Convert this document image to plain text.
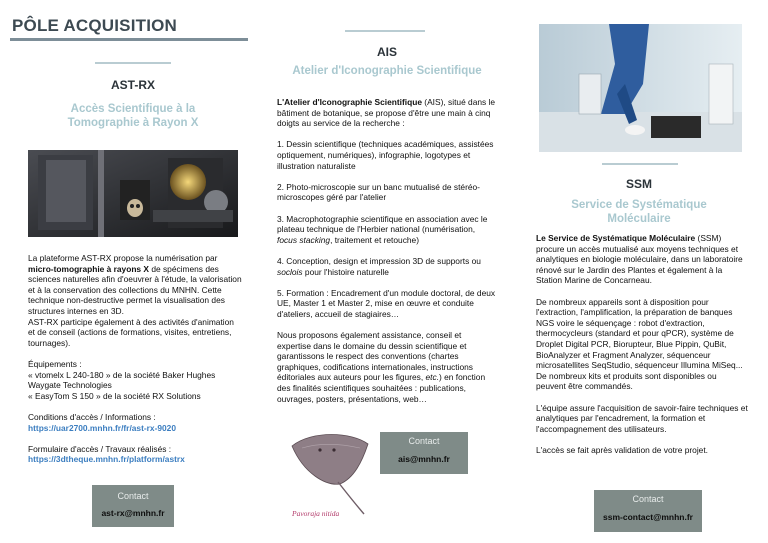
PÔLE ACQUISITION
AST-RX
Accès Scientifique à la
Tomographie à Rayon X
La plateforme AST-RX propose la numérisation par micro-tomographie à rayons X de spécimens des sciences naturelles afin d'oeuvrer à l'étude, la valorisation et à la conservation des collections du MNHN. Cette technique non-destructive permet la visualisation des structures internes en 3D.
AST-RX participe également à des activités d'animation et de conseil (actions de formations, visites, entretiens, tournages).
Équipements :
« vtomelx L 240-180 » de la société Baker Hughes Waygate Technologies
« EasyTom S 150 » de la société RX Solutions
Conditions d'accès / Informations :
https://uar2700.mnhn.fr/fr/ast-rx-9020
Formulaire d'accès / Travaux réalisés :
https://3dtheque.mnhn.fr/platform/astrx
Contact
ast-rx@mnhn.fr
AIS
Atelier d'Iconographie Scientifique
L'Atelier d'Iconographie Scientifique (AIS), situé dans le bâtiment de botanique, se propose d'être une main à cinq doigts au service de la recherche :
1. Dessin scientifique (techniques académiques, assistées optiquement, numériques), infographie, logotypes et illustration naturaliste
2. Photo-microscopie sur un banc mutualisé de stéréo-microscopes géré par l'atelier
3. Macrophotographie scientifique en association avec le plateau technique de l'Herbier national (numérisation, focus stacking, traitement et retouche)
4. Conception, design et impression 3D de supports ou soclois pour l'histoire naturelle
5. Formation : Encadrement d'un module doctoral, de deux UE, Master 1 et Master 2, mise en œuvre et conduite d'ateliers, accueil de stagiaires…
Nous proposons également assistance, conseil et expertise dans le domaine du dessin scientifique et garantissons le respect des conventions (chartes graphiques, codifications internationales, instructions éditoriales aux auteurs pour les figures, etc.) en fonction des finalités scientifiques souhaitées : publications, ouvrages, posters, présentations, web…
Pavoraja nitida
Contact
ais@mnhn.fr
SSM
Service de Systématique
Moléculaire
Le Service de Systématique Moléculaire (SSM) procure un accès mutualisé aux moyens techniques et analytiques en biologie moléculaire, dans un laboratoire rénové sur le Jardin des Plantes et également à la Station Marine de Concarneau.
De nombreux appareils sont à disposition pour l'extraction, l'amplification, la préparation de banques NGS voire le séquençage : robot d'extraction, thermocycleurs (standard et pour qPCR), système de Droplet Digital PCR, Biorupteur, Blue Pippin, QuBit, BioAnalyzer et Fragment Analyzer, séquenceur microsatellites SeqStudio, séquenceur Illumina MiSeq...
De nombreux kits et produits sont disponibles ou peuvent être commandés.
L'équipe assure l'acquisition de savoir-faire techniques et analytiques par l'encadrement, la formation et l'accompagnement des utilisateurs.
L'accès se fait après validation de votre projet.
Contact
ssm-contact@mnhn.fr
